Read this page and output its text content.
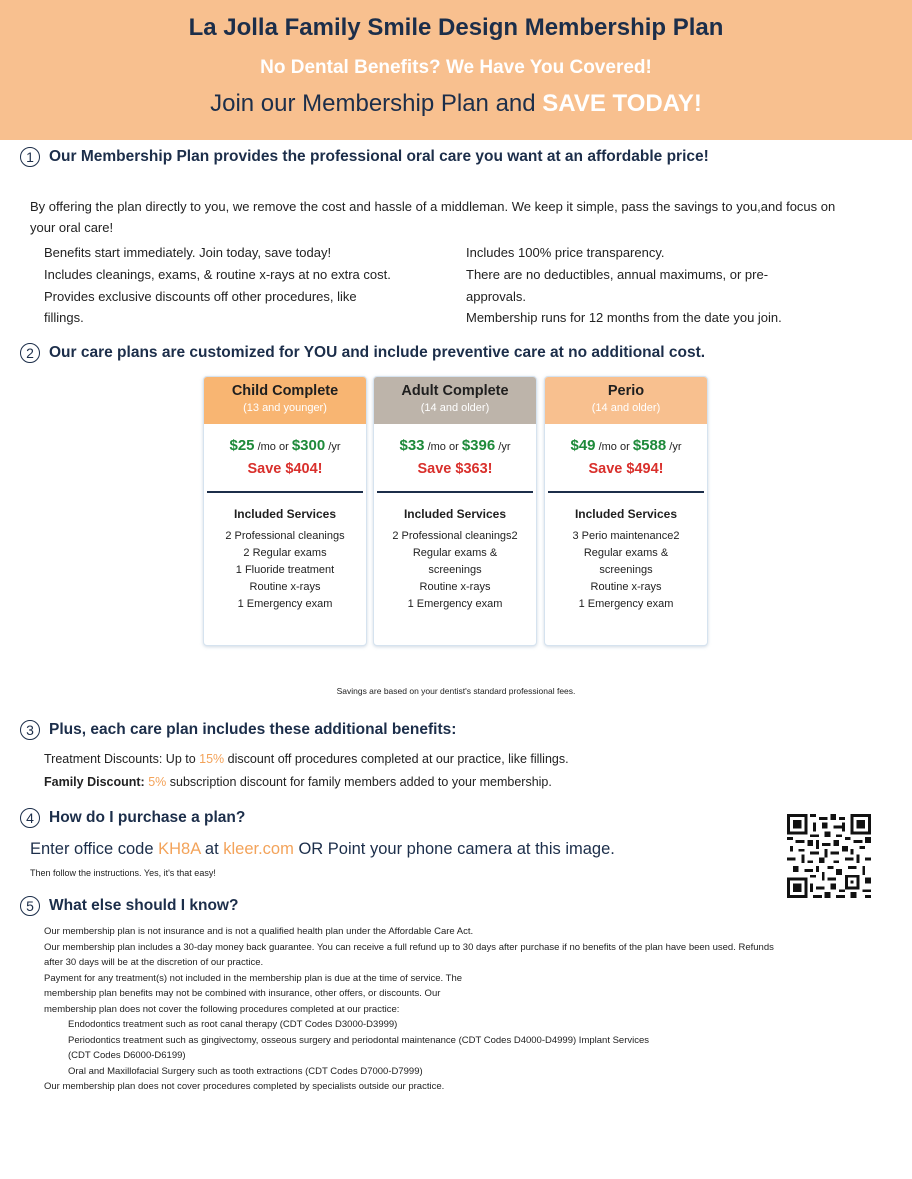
La Jolla Family Smile Design Membership Plan
No Dental Benefits? We Have You Covered!
Join our Membership Plan and SAVE TODAY!
1 Our Membership Plan provides the professional oral care you want at an affordable price!
By offering the plan directly to you, we remove the cost and hassle of a middleman. We keep it simple, pass the savings to you,and focus on
your oral care!
Benefits start immediately. Join today, save today!
Includes cleanings, exams, & routine x-rays at no extra cost.
Provides exclusive discounts off other procedures, like
fillings.
Includes 100% price transparency.
There are no deductibles, annual maximums, or pre-
approvals.
Membership runs for 12 months from the date you join.
2 Our care plans are customized for YOU and include preventive care at no additional cost.
Child Complete
(13 and younger)
$25 /mo or $300 /yr
Save $404!
Included Services
2 Professional cleanings
2 Regular exams
1 Fluoride treatment
Routine x-rays
1 Emergency exam
Adult Complete
(14 and older)
$33 /mo or $396 /yr
Save $363!
Included Services
2 Professional cleanings2
Regular exams &
screenings
Routine x-rays
1 Emergency exam
Perio
(14 and older)
$49 /mo or $588 /yr
Save $494!
Included Services
3 Perio maintenance2
Regular exams &
screenings
Routine x-rays
1 Emergency exam
Savings are based on your dentist's standard professional fees.
3 Plus, each care plan includes these additional benefits:
Treatment Discounts: Up to 15% discount off procedures completed at our practice, like fillings.
Family Discount: 5% subscription discount for family members added to your membership.
4 How do I purchase a plan?
Enter office code KH8A at kleer.com OR Point your phone camera at this image.
Then follow the instructions. Yes, it's that easy!
5 What else should I know?
Our membership plan is not insurance and is not a qualified health plan under the Affordable Care Act.
Our membership plan includes a 30-day money back guarantee. You can receive a full refund up to 30 days after purchase if no benefits of the plan have been used. Refunds
after 30 days will be at the discretion of our practice.
Payment for any treatment(s) not included in the membership plan is due at the time of service. The
membership plan benefits may not be combined with insurance, other offers, or discounts. Our
membership plan does not cover the following procedures completed at our practice:
Endodontics treatment such as root canal therapy (CDT Codes D3000-D3999)
Periodontics treatment such as gingivectomy, osseous surgery and periodontal maintenance (CDT Codes D4000-D4999) Implant Services
(CDT Codes D6000-D6199)
Oral and Maxillofacial Surgery such as tooth extractions (CDT Codes D7000-D7999)
Our membership plan does not cover procedures completed by specialists outside our practice.
